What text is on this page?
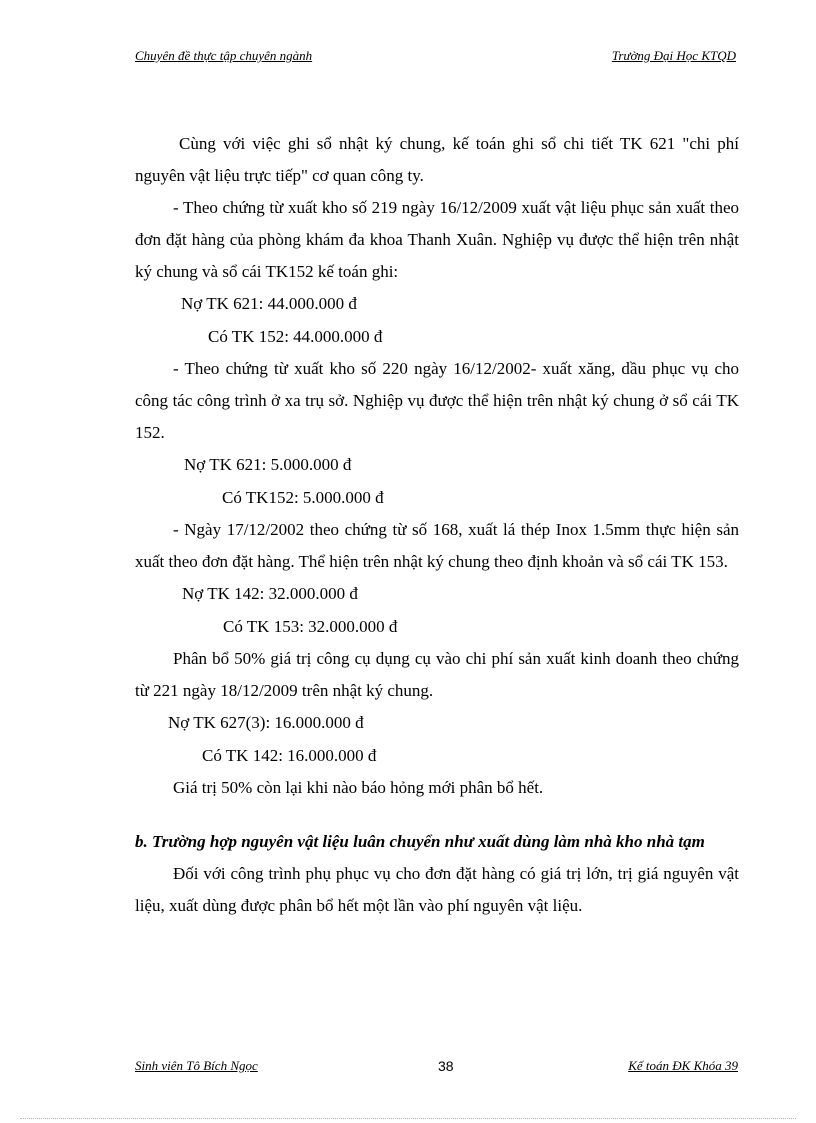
Chuyên đề thực tập chuyên ngành	Trường Đại Học KTQD

Cùng với việc ghi sổ nhật ký chung, kế toán ghi sổ chi tiết TK 621 "chi phí nguyên vật liệu trực tiếp" cơ quan công ty.

- Theo chứng từ xuất kho số 219 ngày 16/12/2009 xuất vật liệu phục sản xuất theo đơn đặt hàng của phòng khám đa khoa Thanh Xuân. Nghiệp vụ được thể hiện trên nhật ký chung và sổ cái TK152 kế toán ghi:

Nợ TK 621: 44.000.000 đ

Có TK 152: 44.000.000 đ

- Theo chứng từ xuất kho số 220 ngày 16/12/2002- xuất xăng, dầu phục vụ cho công tác công trình ở xa trụ sở. Nghiệp vụ được thể hiện trên nhật ký chung ở sổ cái TK 152.

Nợ TK 621: 5.000.000 đ

Có TK152: 5.000.000 đ

- Ngày 17/12/2002 theo chứng từ số 168, xuất lá thép Inox 1.5mm thực hiện sản xuất theo đơn đặt hàng. Thể hiện trên nhật ký chung theo định khoản và sổ cái TK 153.

Nợ TK 142: 32.000.000 đ

Có TK 153: 32.000.000 đ

Phân bổ 50% giá trị công cụ dụng cụ vào chi phí sản xuất kinh doanh theo chứng từ 221 ngày 18/12/2009 trên nhật ký chung.

Nợ TK 627(3): 16.000.000 đ

Có TK 142: 16.000.000 đ

Giá trị 50% còn lại khi nào báo hỏng mới phân bổ hết.

b. Trường hợp nguyên vật liệu luân chuyển như xuất dùng làm nhà kho nhà tạm

Đối với công trình phụ phục vụ cho đơn đặt hàng có giá trị lớn, trị giá nguyên vật liệu, xuất dùng được phân bổ hết một lần vào phí nguyên vật liệu.

Sinh viên Tô Bích Ngọc	38	Kế toán ĐK Khóa 39
